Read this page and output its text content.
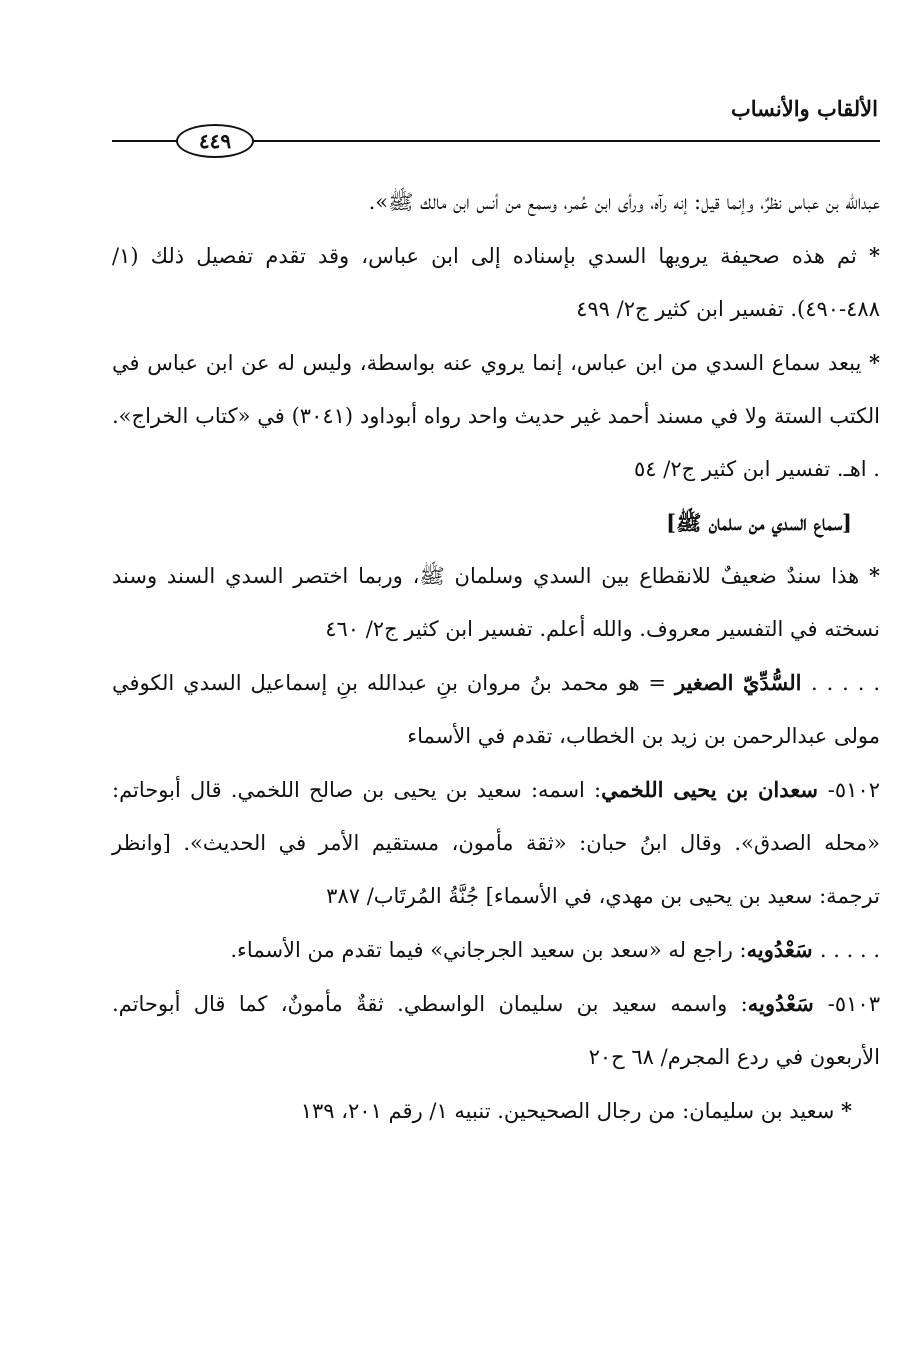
الألقاب والأنساب
٤٤٩

عبدالله بن عباس نظرٌ، وإنما قيل: إنه رآه، ورأى ابن عُمر، وسمع من أنس ابن مالك ﷺ».

* ثم هذه صحيفة يرويها السدي بإسناده إلى ابن عباس، وقد تقدم تفصيل ذلك (١/ ٤٨٨-٤٩٠). تفسير ابن كثير ج٢/ ٤٩٩

* يبعد سماع السدي من ابن عباس، إنما يروي عنه بواسطة، وليس له عن ابن عباس في الكتب الستة ولا في مسند أحمد غير حديث واحد رواه أبوداود (٣٠٤١) في «كتاب الخراج». . اهـ. تفسير ابن كثير ج٢/ ٥٤

[سماع السدي من سلمان ﷺ]

* هذا سندٌ ضعيفٌ للانقطاع بين السدي وسلمان ﷺ، وربما اختصر السدي السند وسند نسخته في التفسير معروف. والله أعلم. تفسير ابن كثير ج٢/ ٤٦٠

. . . . . السُّدِّيّ الصغير = هو محمد بنُ مروان بنِ عبدالله بنِ إسماعيل السدي الكوفي مولى عبدالرحمن بن زيد بن الخطاب، تقدم في الأسماء

٥١٠٢- سعدان بن يحيى اللخمي: اسمه: سعيد بن يحيى بن صالح اللخمي. قال أبوحاتم: «محله الصدق». وقال ابنُ حبان: «ثقة مأمون، مستقيم الأمر في الحديث». [وانظر ترجمة: سعيد بن يحيى بن مهدي، في الأسماء] جُنَّةُ المُرتَاب/ ٣٨٧

. . . . . سَعْدُويه: راجع له «سعد بن سعيد الجرجاني» فيما تقدم من الأسماء.

٥١٠٣- سَعْدُويه: واسمه سعيد بن سليمان الواسطي. ثقةٌ مأمونٌ، كما قال أبوحاتم. الأربعون في ردع المجرم/ ٦٨ ح٢٠

* سعيد بن سليمان: من رجال الصحيحين. تنبيه ١/ رقم ٢٠١، ١٣٩
